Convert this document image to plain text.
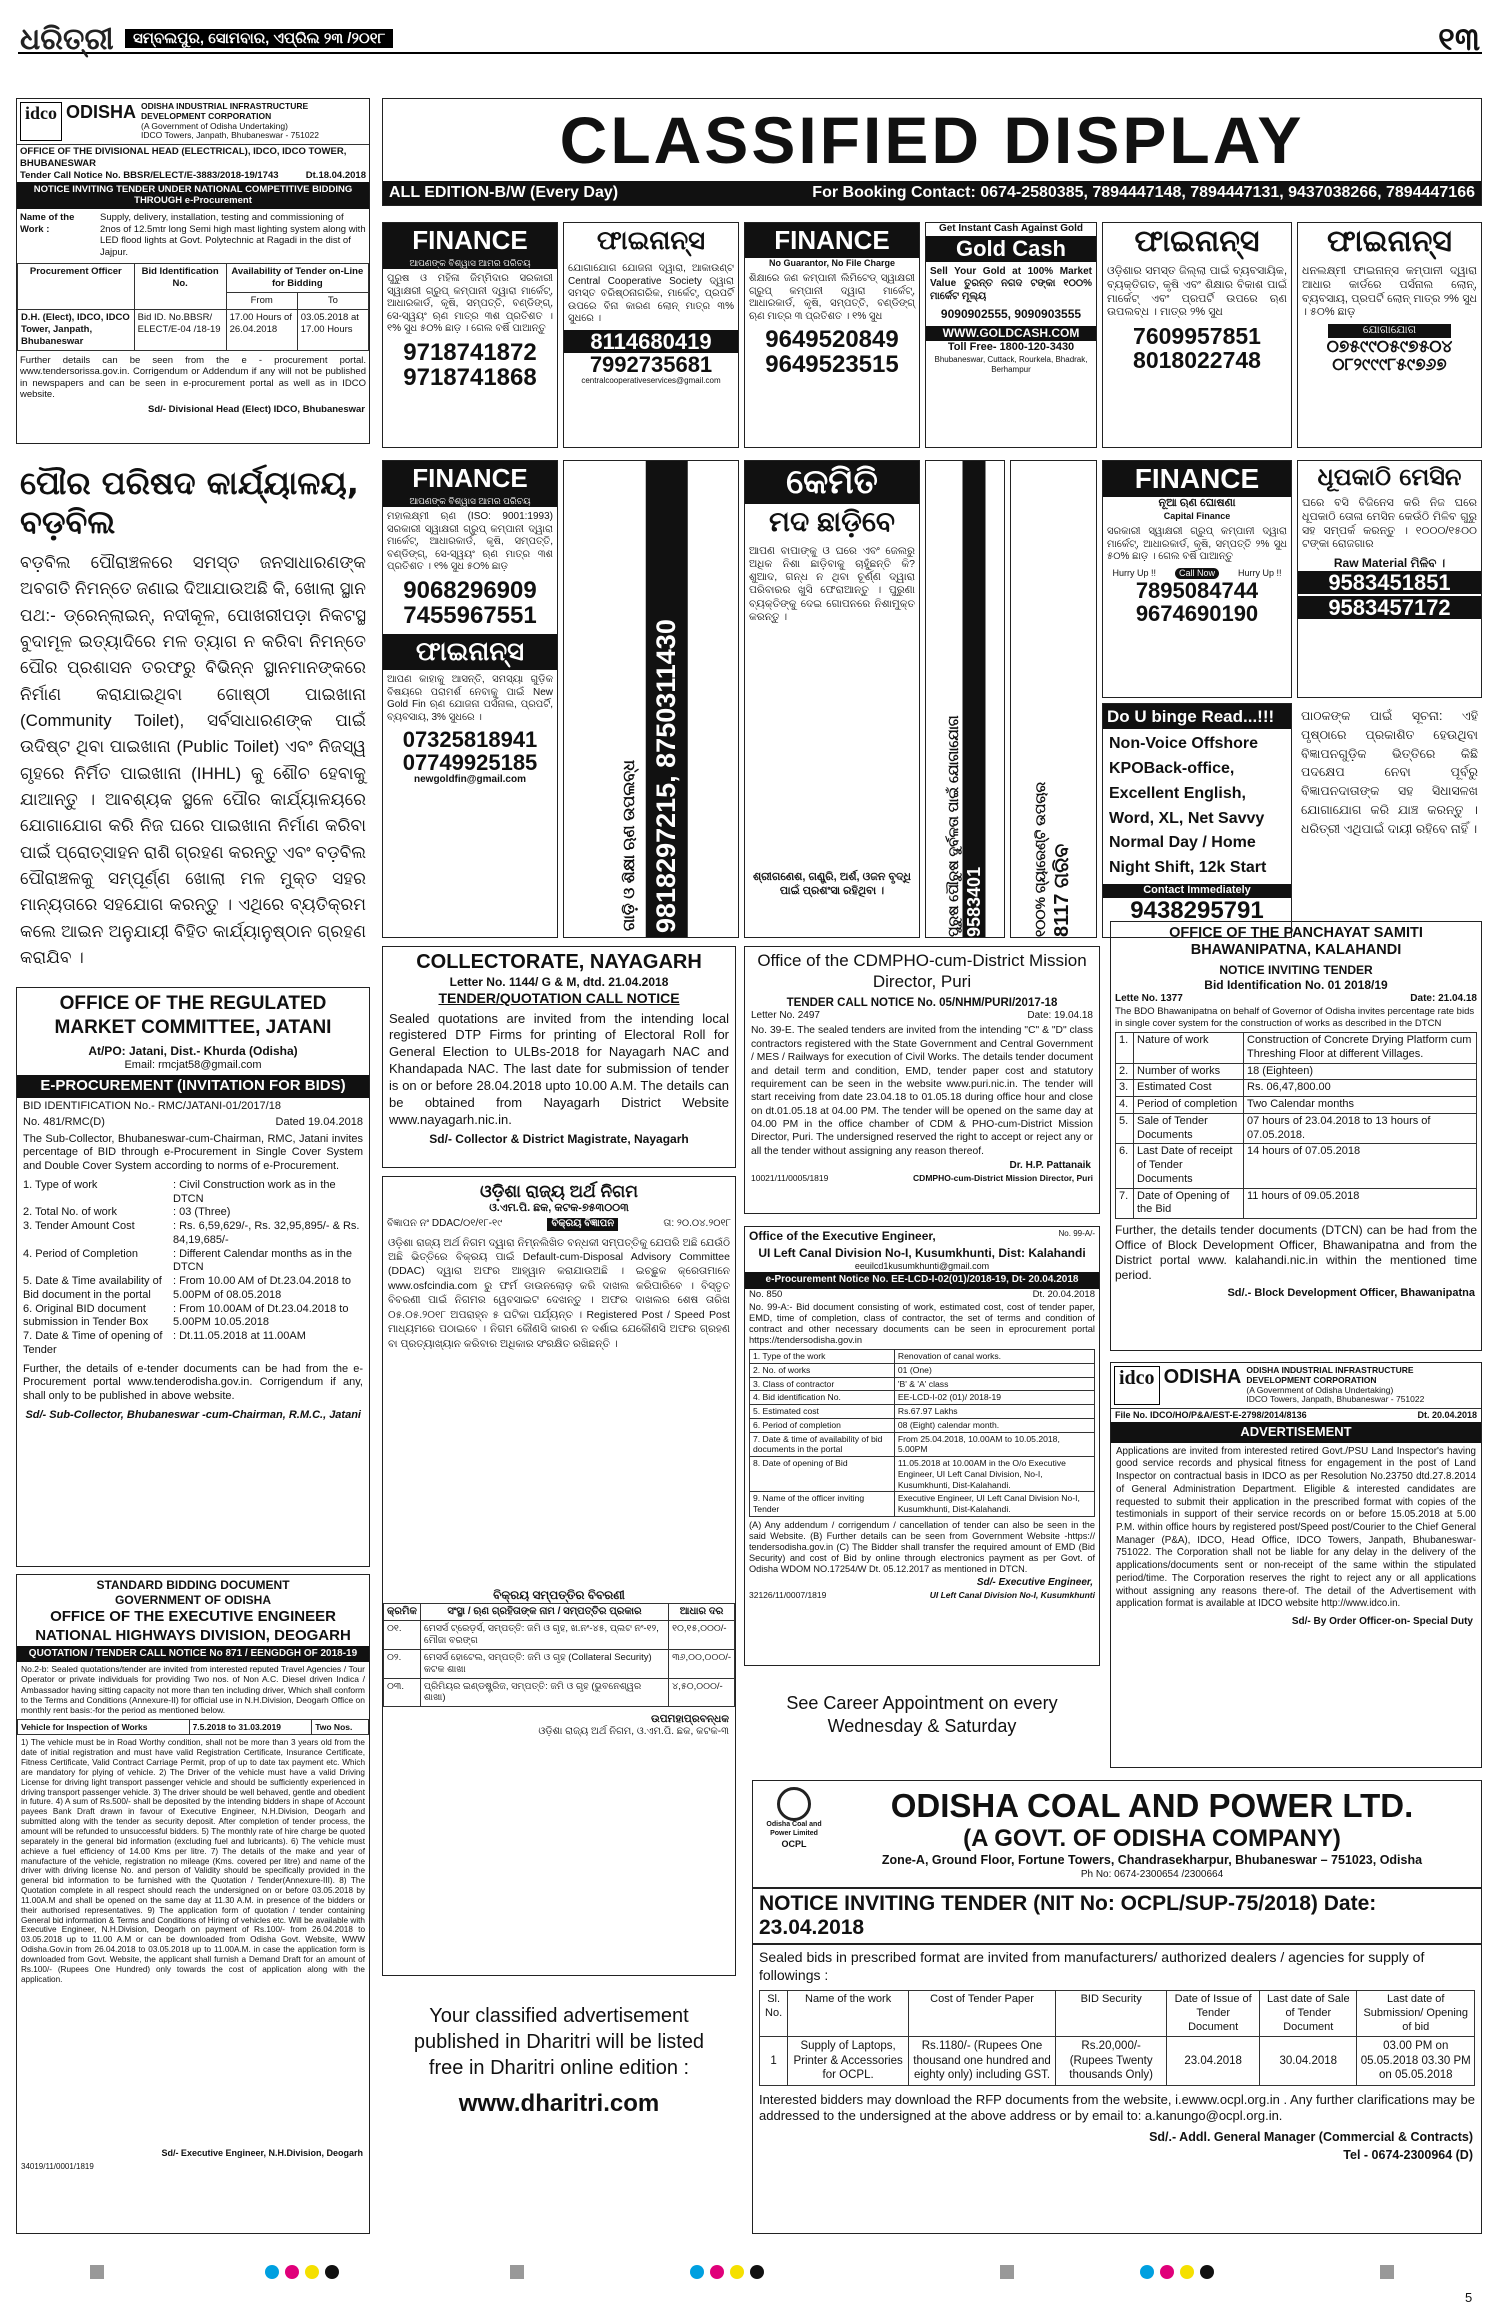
ଧରିତ୍ରୀ	ସମ୍ବଲପୁର, ସୋମବାର, ଏପ୍ରିଲ ୨୩ /୨୦୧୮	୧୩
idco ODISHA ODISHA INDUSTRIAL INFRASTRUCTURE DEVELOPMENT CORPORATION
(A Government of Odisha Undertaking)
IDCO Towers, Janpath, Bhubaneswar - 751022
OFFICE OF THE DIVISIONAL HEAD (ELECTRICAL), IDCO, IDCO TOWER, BHUBANESWAR
Tender Call Notice No. BBSR/ELECT/E-3883/2018-19/1743	Dt.18.04.2018
NOTICE INVITING TENDER UNDER NATIONAL COMPETITIVE BIDDING THROUGH e-Procurement
Name of the Work :
Supply, delivery, installation, testing and commissioning of 2nos of 12.5mtr long Semi high mast lighting system along with LED flood lights at Govt. Polytechnic at Ragadi in the dist of Jajpur.
Procurement Officer	Bid Identification No.	Availability of Tender on-Line for Bidding	
		From	To
D.H. (Elect), IDCO, IDCO Tower, Janpath, Bhubaneswar	Bid ID. No.BBSR/ ELECT/E-04 /18-19	17.00 Hours of 26.04.2018	03.05.2018 at 17.00 Hours
Further details can be seen from the e - procurement portal. www.tendersorissa.gov.in. Corrigendum or Addendum if any will not be published in newspapers and can be seen in e-procurement portal as well as in IDCO website.
Sd/- Divisional Head (Elect) IDCO, Bhubaneswar
CLASSIFIED DISPLAY
ALL EDITION-B/W (Every Day)	For Booking Contact: 0674-2580385, 7894447148, 7894447131, 9437038266, 7894447166
FINANCE
ଆପଣଙ୍କ ବିଶ୍ୱାସ ଆମର ପରିଚୟ
ପୁରୁଷ ଓ ମହିଳା ଜିମ୍ମିଦାର ସରକାରୀ ସ୍ୱାକ୍ଷରୀ ଗ୍ରୁପ୍ କମ୍ପାନୀ ଦ୍ୱାରା ମାର୍କେଟ୍, ଆଧାରକାର୍ଡ, କୃଷି, ସମ୍ପତ୍ତି, ବଣ୍ଡିଙ୍ଗ୍, ସେ-ସ୍ୱୟଂ ଋଣ ମାତ୍ର ୩ଶ ପ୍ରତିଶତ । ୧% ସୁଧ ୫୦% ଛାଡ଼ । ଗେଲ ବର୍ଷି ପାଆନ୍ତୁ
9718741872
9718741868
ଫାଇନାନ୍ସ
ଯୋଗାଯୋଗ ଯୋଜନା ଦ୍ୱାରା, ଆକାଉଣ୍ଟ Central Cooperative Society ଦ୍ୱାରା ସମସ୍ତ ବରିଷ୍ଠନାଗରିକ, ମାର୍କେଟ୍, ପ୍ରପର୍ଟି ଉପରେ ବିନା କାରଣ ଲୋନ୍ ମାତ୍ର ୩% ସୁଧରେ ।
8114680419
7992735681
centralcooperativeservices@gmail.com
FINANCE
No Guarantor, No File Charge
ଶିକ୍ଷାରେ ଜଣ କମ୍ପାନୀ ଲିମିଟେଡ୍ ସ୍ୱାକ୍ଷରୀ ଗ୍ରୁପ୍ କମ୍ପାନୀ ଦ୍ୱାରା ମାର୍କେଟ୍, ଆଧାରକାର୍ଡ, କୃଷି, ସମ୍ପତ୍ତି, ବଣ୍ଡିଙ୍ଗ୍ ଋଣ ମାତ୍ର ୩ ପ୍ରତିଶତ । ୧% ସୁଧ
9649520849
9649523515
Get Instant Cash Against Gold
Gold Cash
Sell Your Gold at 100% Market Value ତୁରନ୍ତ ନଗଦ ଟଙ୍କା ୧୦୦% ମାର୍କେଟ ମୂଲ୍ୟ
9090902555, 9090903555
WWW.GOLDCASH.COM
Toll Free- 1800-120-3430
Bhubaneswar, Cuttack, Rourkela, Bhadrak, Berhampur
ଫାଇନାନ୍ସ
ଓଡ଼ିଶାର ସମସ୍ତ ଜିଲ୍ଲା ପାଇଁ ବ୍ୟବସାୟିକ, ବ୍ୟକ୍ତିଗତ, କୃଷି ଏବଂ ଶିକ୍ଷାର ବିକାଶ ପାଇଁ ମାର୍କେଟ୍ ଏବଂ ପ୍ରପର୍ଟି ଉପରେ ଋଣ ଉପଲବ୍ଧ । ମାତ୍ର ୨% ସୁଧ
7609957851
8018022748
ଫାଇନାନ୍ସ
ଧନଲକ୍ଷ୍ମୀ ଫାଇନାନ୍ସ କମ୍ପାନୀ ଦ୍ୱାରା ଆଧାର କାର୍ଡରେ ପର୍ସନାଲ ଲୋନ୍, ବ୍ୟବସାୟ, ପ୍ରପର୍ଟି ଲୋନ୍ ମାତ୍ର ୨% ସୁଧ । ୫୦% ଛାଡ଼
ଯୋଗାଯୋଗ
୦୭୫୯୯୦୫୯୭୫୦୪
୦୮୨୯୯୯୮୫୯୭୬୭
ପୌର ପରିଷଦ କାର୍ଯ୍ୟାଳୟ, ବଡ଼ବିଲ
ବଡ଼ବିଲ ପୌରାଞ୍ଚଳରେ ସମସ୍ତ ଜନସାଧାରଣଙ୍କ ଅବଗତି ନିମନ୍ତେ ଜଣାଇ ଦିଆଯାଉଅଛି କି, ଖୋଲା ସ୍ଥାନ ପଥ:- ଡ୍ରେନ୍‌ଲାଇନ୍, ନଦୀକୂଳ, ପୋଖରୀପଡ଼ା ନିକଟସ୍ଥ ବୁଦାମୂଳ ଇତ୍ୟାଦିରେ ମଳ ତ୍ୟାଗ ନ କରିବା ନିମନ୍ତେ ପୌର ପ୍ରଶାସନ ତରଫରୁ ବିଭିନ୍ନ ସ୍ଥାନମାନଙ୍କରେ ନିର୍ମାଣ କରାଯାଇଥିବା ଗୋଷ୍ଠୀ ପାଇଖାନା (Community Toilet), ସର୍ବସାଧାରଣଙ୍କ ପାଇଁ ଉଦିଷ୍ଟ ଥିବା ପାଇଖାନା (Public Toilet) ଏବଂ ନିଜସ୍ୱ ଗୃହରେ ନିର୍ମିତ ପାଇଖାନା (IHHL) କୁ ଶୌଚ ହେବାକୁ ଯାଆନ୍ତୁ । ଆବଶ୍ୟକ ସ୍ଥଳେ ପୌର କାର୍ଯ୍ୟାଳୟରେ ଯୋଗାଯୋଗ କରି ନିଜ ଘରେ ପାଇଖାନା ନିର୍ମାଣ କରିବା ପାଇଁ ପ୍ରୋତ୍ସାହନ ରାଶି ଗ୍ରହଣ କରନ୍ତୁ ଏବଂ ବଡ଼ବିଲ ପୌରାଞ୍ଚଳକୁ ସମ୍ପୂର୍ଣ୍ଣ ଖୋଲା ମଳ ମୁକ୍ତ ସହର ମାନ୍ୟତାରେ ସହଯୋଗ କରନ୍ତୁ । ଏଥିରେ ବ୍ୟତିକ୍ରମ କଲେ ଆଇନ ଅନୁଯାୟୀ ବିହିତ କାର୍ଯ୍ୟାନୁଷ୍ଠାନ ଗ୍ରହଣ କରାଯିବ ।
FINANCE
ଆପଣଙ୍କ ବିଶ୍ୱାସ ଆମର ପରିଚୟ
ମହାଲକ୍ଷ୍ମୀ ଋଣ (ISO: 9001:1993) ସରକାରୀ ସ୍ୱାକ୍ଷରୀ ଗ୍ରୁପ୍ କମ୍ପାନୀ ଦ୍ୱାରା ମାର୍କେଟ୍, ଆଧାରକାର୍ଡ, କୃଷି, ସମ୍ପତ୍ତି, ବଣ୍ଡିଙ୍ଗ୍, ସେ-ସ୍ୱୟଂ ଋଣ ମାତ୍ର ୩ଶ ପ୍ରତିଶତ । ୧% ସୁଧ ୫୦% ଛାଡ଼
9068296909
7455967551
ଫାଇନାନ୍ସ
ଆପଣ କାହାକୁ ଆସନ୍ତି, ସମସ୍ୟା ଗୁଡ଼ିକ ବିଷୟରେ ପରାମର୍ଶ ନେବାକୁ ପାଇଁ New Gold Fin ଋଣ ଯୋଜନା ପର୍ସନାଲ, ପ୍ରପର୍ଟି, ବ୍ୟବସାୟ, 3% ସୁଧରେ ।
07325818941
07749925185
newgoldfin@gmail.com	ଗାଡ଼ି ଓ ଶିକ୍ଷା ଋଣ ଉପଲବ୍ଧ 9818297215, 8750311430
କେମିତି
ମଦ ଛାଡ଼ିବେ
ଆପଣ ବାପାଙ୍କୁ ଓ ଘରେ ଏବଂ ଜେଲରୁ ଅଧିକ ନିଶା ଛାଡ଼ିବାକୁ ଚାହୁଁଛନ୍ତି କି? ଶୁଆଦ, ଗନ୍ଧ ନ ଥିବା ଚୂର୍ଣ୍ଣ ଦ୍ୱାରା ପରିବାରର ଖୁସି ଫେରାଆନ୍ତୁ । ପୁରୁଣା ବ୍ୟକ୍ତିଙ୍କୁ ଦେଇ ଗୋପନରେ ନିଶାମୁକ୍ତ କରନ୍ତୁ ।
ଶ୍ରୀଗଣେଶ, ଗଣ୍ଡ୍ରି, ଅର୍ଶ, ଓଜନ ବୃଦ୍ଧି ପାଇଁ ପ୍ରଶଂସା ରହିଥିବା ।	ପୁରୁଷ ପୌରୁଷ ଦୁର୍ବଳତା ପାଇଁ ଯୋଗାଯୋଗ 9583401	୧୦୦% ଗ୍ୟାରେଣ୍ଟି ଉପଚାର 8117 ଗରିବ
FINANCE
ନୂଆ ଋଣ ଘୋଷଣା
Capital Finance
ସରକାରୀ ସ୍ୱାକ୍ଷରୀ ଗ୍ରୁପ୍ କମ୍ପାନୀ ଦ୍ୱାରା ମାର୍କେଟ୍, ଆଧାରକାର୍ଡ, କୃଷି, ସମ୍ପତ୍ତି ୨% ସୁଧ ୫୦% ଛାଡ଼ । ଗେଲ ବର୍ଷି ପାଆନ୍ତୁ
Hurry Up !!	Call Now	Hurry Up !!
7895084744
9674690190
ଧୂପକାଠି ମେସିନ
ଘରେ ବସି ବିଜିନେସ କରି ନିଜ ଘରେ ଧୂପକାଠି ତୋଳା ମେସିନ କେଉଁଠି ମିଳିବ ଗୁରୁ ସହ ସମ୍ପର୍କ କରନ୍ତୁ । ୧୦୦୦/୧୫୦୦ ଟଙ୍କା ରୋଜଗାର
Raw Material ମିଳିବ ।
9583451851
9583457172
Do U binge Read...!!!
Non-Voice Offshore KPOBack-office, Excellent English, Word, XL, Net Savvy Normal Day / Home Night Shift, 12k Start
Contact Immediately
9438295791
ପାଠକଙ୍କ ପାଇଁ ସୂଚନା: ଏହି ପୃଷ୍ଠାରେ ପ୍ରକାଶିତ ହେଉଥିବା ବିଜ୍ଞାପନଗୁଡ଼ିକ ଭିତ୍ତିରେ କିଛି ପଦକ୍ଷେପ ନେବା ପୂର୍ବରୁ ବିଜ୍ଞାପନଦାତାଙ୍କ ସହ ସିଧାସଳଖ ଯୋଗାଯୋଗ କରି ଯାଞ୍ଚ କରନ୍ତୁ । ଧରିତ୍ରୀ ଏଥିପାଇଁ ଦାୟୀ ରହିବେ ନାହିଁ ।
OFFICE OF THE REGULATED MARKET COMMITTEE, JATANI
At/PO: Jatani, Dist.- Khurda (Odisha)
Email: rmcjat58@gmail.com
E-PROCUREMENT (INVITATION FOR BIDS)
BID IDENTIFICATION No.- RMC/JATANI-01/2017/18
No. 481/RMC(D)	Dated 19.04.2018
The Sub-Collector, Bhubaneswar-cum-Chairman, RMC, Jatani invites percentage of BID through e-Procurement in Single Cover System and Double Cover System according to norms of e-Procurement.
1. Type of work	: Civil Construction work as in the DTCN
2. Total No. of work	: 03 (Three)
3. Tender Amount Cost	: Rs. 6,59,629/-, Rs. 32,95,895/- & Rs. 84,19,685/-
4. Period of Completion	: Different Calendar months as in the DTCN
5. Date & Time availability of Bid document in the portal
: From 10.00 AM of Dt.23.04.2018 to 5.00PM of 08.05.2018
6. Original BID document submission in Tender Box
: From 10.00AM of Dt.23.04.2018 to 5.00PM 10.05.2018
7. Date & Time of opening of Tender
: Dt.11.05.2018 at 11.00AM
Further, the details of e-tender documents can be had from the e-Procurement portal www.tenderodisha.gov.in. Corrigendum if any, shall only to be published in above website.
Sd/- Sub-Collector, Bhubaneswar -cum-Chairman, R.M.C., Jatani
STANDARD BIDDING DOCUMENT
GOVERNMENT OF ODISHA
OFFICE OF THE EXECUTIVE ENGINEER NATIONAL HIGHWAYS DIVISION, DEOGARH
QUOTATION / TENDER CALL NOTICE No 871 / EENGDGH OF 2018-19
No.2-b: Sealed quotations/tender are invited from interested reputed Travel Agencies / Tour Operator or private individuals for providing Two nos. of Non A.C. Diesel driven Indica / Ambassador having sitting capacity not more than ten including driver, Which shall conform to the Terms and Conditions (Annexure-II) for official use in N.H.Division, Deogarh Office on monthly rent basis:-for the period as mentioned below.
Vehicle for Inspection of Works	7.5.2018 to 31.03.2019	Two Nos.
1) The vehicle must be in Road Worthy condition, shall not be more than 3 years old from the date of initial registration and must have valid Registration Certificate, Insurance Certificate, Fitness Certificate, Valid Contract Carriage Permit, prop of up to date tax payment etc. Which are mandatory for plying of vehicle. 2) The Driver of the vehicle must have a valid Driving License for driving light transport passenger vehicle and should be sufficiently experienced in driving transport passenger vehicle. 3) The driver should be well behaved, gentle and obedient in future. 4) A sum of Rs.500/- shall be deposited by the intending bidders in shape of Account payees Bank Draft drawn in favour of Executive Engineer, N.H.Division, Deogarh and submitted along with the tender as security deposit. After completion of tender process, the amount will be refunded to unsuccessful bidders. 5) The monthly rate of hire charge be quoted separately in the general bid information (excluding fuel and lubricants). 6) The vehicle must achieve a fuel efficiency of 14.00 Kms per litre. 7) The details of the make and year of manufacture of the vehicle, registration no mileage (Kms. covered per litre) and name of the driver with driving license No. and person of Validity should be specifically provided in the general bid information to be furnished with the Quotation / Tender(Annexure-III). 8) The Quotation complete in all respect should reach the undersigned on or before 03.05.2018 by 11.00A.M and shall be opened on the same day at 11.30 A.M. in presence of the bidders or their authorised representatives. 9) The application form of quotation / tender containing General bid information & Terms and Conditions of Hiring of vehicles etc. Will be available with Executive Engineer, N.H.Division, Deogarh on payment of Rs.100/- from 26.04.2018 to 03.05.2018 up to 11.00 A.M or can be downloaded from Odisha Govt. Website, WWW Odisha.Gov.in from 26.04.2018 to 03.05.2018 up to 11.00A.M. in case the application form is downloaded from Govt. Website, the applicant shall furnish a Demand Draft for an amount of Rs.100/- (Rupees One Hundred) only towards the cost of application along with the application.
Sd/- Executive Engineer, N.H.Division, Deogarh
34019/11/0001/1819
COLLECTORATE, NAYAGARH
Letter No. 1144/ G & M, dtd. 21.04.2018
TENDER/QUOTATION CALL NOTICE
Sealed quotations are invited from the intending local registered DTP Firms for printing of Electoral Roll for General Election to ULBs-2018 for Nayagarh NAC and Khandapada NAC. The last date for submission of tender is on or before 28.04.2018 upto 10.00 A.M. The details can be obtained from Nayagarh District Website www.nayagarh.nic.in.
Sd/- Collector & District Magistrate, Nayagarh
Office of the CDMPHO-cum-District Mission Director, Puri
TENDER CALL NOTICE No. 05/NHM/PURI/2017-18
Letter No. 2497	Date: 19.04.18
No. 39-E. The sealed tenders are invited from the intending "C" & "D" class contractors registered with the State Government and Central Government / MES / Railways for execution of Civil Works. The details tender document and detail term and condition, EMD, tender paper cost and statutory requirement can be seen in the website www.puri.nic.in. The tender will start receiving from date 23.04.18 to 01.05.18 during office hour and close on dt.01.05.18 at 04.00 PM. The tender will be opened on the same day at 04.00 PM in the office chamber of CDM & PHO-cum-District Mission Director, Puri. The undersigned reserved the right to accept or reject any or all the tender without assigning any reason thereof.
Dr. H.P. Pattanaik
10021/11/0005/1819	CDMPHO-cum-District Mission Director, Puri
ଓଡ଼ିଶା ରାଜ୍ୟ ଅର୍ଥ ନିଗମ
ଓ.ଏମ.ପି. ଛକ, କଟକ-୭୫୩୦୦୩
ବିଜ୍ଞାପନ ନଂ DDAC/୦୧/୧୮-୧୯	ବିକ୍ରୟ ବିଜ୍ଞାପନ	ତା: ୨୦.୦୪.୨୦୧୮
ଓଡ଼ିଶା ରାଜ୍ୟ ଅର୍ଥ ନିଗମ ଦ୍ୱାରା ନିମ୍ନଲିଖିତ ବନ୍ଧକୀ ସମ୍ପତ୍ତିକୁ ଯେପରି ଅଛି ଯେଉଁଠି ଅଛି ଭିତ୍ତିରେ ବିକ୍ରୟ ପାଇଁ Default-cum-Disposal Advisory Committee (DDAC) ଦ୍ୱାରା ଅଫର ଆହ୍ୱାନ କରାଯାଉଅଛି । ଇଚ୍ଛୁକ କ୍ରେତାମାନେ www.osfcindia.com ରୁ ଫର୍ମ ଡାଉନଲୋଡ଼ କରି ଦାଖଲ କରିପାରିବେ । ବିସ୍ତୃତ ବିବରଣୀ ପାଇଁ ନିଗମର ୱେବସାଇଟ ଦେଖନ୍ତୁ । ଅଫର ଦାଖଲର ଶେଷ ତାରିଖ ୦୫.୦୫.୨୦୧୮ ଅପରାହ୍ନ ୫ ଘଟିକା ପର୍ଯ୍ୟନ୍ତ । Registered Post / Speed Post ମାଧ୍ୟମରେ ପଠାଇବେ । ନିଗମ କୌଣସି କାରଣ ନ ଦର୍ଶାଇ ଯେକୌଣସି ଅଫର ଗ୍ରହଣ ବା ପ୍ରତ୍ୟାଖ୍ୟାନ କରିବାର ଅଧିକାର ସଂରକ୍ଷିତ ରଖିଛନ୍ତି ।
ବିକ୍ରୟ ସମ୍ପତ୍ତିର ବିବରଣୀ
କ୍ରମିକ	ସଂସ୍ଥା / ଋଣ ଗ୍ରହିତାଙ୍କ ନାମ / ସମ୍ପତ୍ତିର ପ୍ରକାର	ଆଧାର ଦର
୦୧.	ମେସର୍ସ ଟ୍ରେଡ଼ର୍ସ, ସମ୍ପତ୍ତି: ଜମି ଓ ଗୃହ, ଖ.ନଂ-୪୫, ପ୍ଲଟ ନଂ-୧୨, ମୌଜା ବରଙ୍ଗ	୧୦,୧୫,୦୦୦/-
୦୨.	ମେସର୍ସ ହୋଟେଲ, ସମ୍ପତ୍ତି: ଜମି ଓ ଗୃହ (Collateral Security) କଟକ ଶାଖା	୩୬,୦୦,୦୦୦/-
୦୩.	ପ୍ରିମିୟର ଇଣ୍ଡଷ୍ଟ୍ରିଜ, ସମ୍ପତ୍ତି: ଜମି ଓ ଗୃହ (ଭୁବନେଶ୍ୱର ଶାଖା)	୪,୫୦,୦୦୦/-
ଉପମହାପ୍ରବନ୍ଧକ
ଓଡ଼ିଶା ରାଜ୍ୟ ଅର୍ଥ ନିଗମ, ଓ.ଏମ.ପି. ଛକ, କଟକ-୩
Your classified advertisement published in Dharitri will be listed free in Dharitri online edition :
www.dharitri.com
Office of the Executive Engineer,	No. 99-A/-
UI Left Canal Division No-I, Kusumkhunti, Dist: Kalahandi
eeuilcd1kusumkhunti@gmail.com
e-Procurement Notice No. EE-LCD-I-02(01)/2018-19, Dt- 20.04.2018
No. 850	Dt. 20.04.2018
No. 99-A:- Bid document consisting of work, estimated cost, cost of tender paper, EMD, time of completion, class of contractor, the set of terms and condition of contract and other necessary documents can be seen in eprocurement portal https://tendersodisha.gov.in
1. Type of the work	Renovation of canal works.
2. No. of works	01 (One)
3. Class of contractor	'B' & 'A' class
4. Bid identification No.	EE-LCD-I-02 (01)/ 2018-19
5. Estimated cost	Rs.67.97 Lakhs
6. Period of completion	08 (Eight) calendar month.
7. Date & time of availability of bid documents in the portal	From 25.04.2018, 10.00AM to 10.05.2018, 5.00PM
8. Date of opening of Bid	11.05.2018 at 10.00AM in the O/o Executive Engineer, UI Left Canal Division, No-I, Kusumkhunti, Dist-Kalahandi.
9. Name of the officer inviting Tender	Executive Engineer, UI Left Canal Division No-I, Kusumkhunti, Dist-Kalahandi.
(A) Any addendum / corrigendum / cancellation of tender can also be seen in the said Website. (B) Further details can be seen from Government Website -https:// tendersodisha.gov.in (C) The Bidder shall transfer the required amount of EMD (Bid Security) and cost of Bid by online through electronics payment as per Govt. of Odisha WDOM NO.17254/W Dt. 05.12.2017 as mentioned in DTCN.
Sd/- Executive Engineer,
32126/11/0007/1819	UI Left Canal Division No-I, Kusumkhunti
See Career Appointment on every Wednesday & Saturday
OFFICE OF THE PANCHAYAT SAMITI BHAWANIPATNA, KALAHANDI
NOTICE INVITING TENDER
Bid Identification No. 01 2018/19
Lette No. 1377	Date: 21.04.18
The BDO Bhawanipatna on behalf of Governor of Odisha invites percentage rate bids in single cover system for the construction of works as described in the DTCN
1.	Nature of work	Construction of Concrete Drying Platform cum Threshing Floor at different Villages.
2.	Number of works	18 (Eighteen)
3.	Estimated Cost	Rs. 06,47,800.00
4.	Period of completion	Two Calendar months
5.	Sale of Tender Documents	07 hours of 23.04.2018 to 13 hours of 07.05.2018.
6.	Last Date of receipt of Tender Documents	14 hours of 07.05.2018
7.	Date of Opening of the Bid	11 hours of 09.05.2018
Further, the details tender documents (DTCN) can be had from the Office of Block Development Officer, Bhawanipatna and from the District portal www. kalahandi.nic.in within the mentioned time period.
Sd/.- Block Development Officer, Bhawanipatna
idco ODISHA ODISHA INDUSTRIAL INFRASTRUCTURE DEVELOPMENT CORPORATION
(A Government of Odisha Undertaking)
IDCO Towers, Janpath, Bhubaneswar - 751022
File No. IDCO/HO/P&A/EST-E-2798/2014/8136	Dt. 20.04.2018
ADVERTISEMENT
Applications are invited from interested retired Govt./PSU Land Inspector's having good service records and physical fitness for engagement in the post of Land Inspector on contractual basis in IDCO as per Resolution No.23750 dtd.27.8.2014 of General Administration Department. Eligible & interested candidates are requested to submit their application in the prescribed format with copies of the testimonials in support of their service records on or before 15.05.2018 at 5.00 P.M. within office hours by registered post/Speed post/Courier to the Chief General Manager (P&A), IDCO, Head Office, IDCO Towers, Janpath, Bhubaneswar-751022. The Corporation shall not be liable for any delay in the delivery of the applications/documents sent or non-receipt of the same within the stipulated period/time. The Corporation reserves the right to reject any or all applications without assigning any reasons there-of. The detail of the Advertisement with application format is available at IDCO website http://www.idco.in.
Sd/- By Order Officer-on- Special Duty
Odisha Coal and Power Limited
OCPL
ODISHA COAL AND POWER LTD.
(A GOVT. OF ODISHA COMPANY)
Zone-A, Ground Floor, Fortune Towers, Chandrasekharpur, Bhubaneswar – 751023, Odisha
Ph No: 0674-2300654 /2300664
NOTICE INVITING TENDER (NIT No: OCPL/SUP-75/2018) Date: 23.04.2018
Sealed bids in prescribed format are invited from manufacturers/ authorized dealers / agencies for supply of followings :
Sl. No.	Name of the work	Cost of Tender Paper	BID Security	Date of Issue of Tender Document	Last date of Sale of Tender Document	Last date of Submission/ Opening of bid
1	Supply of Laptops, Printer & Accessories for OCPL.	Rs.1180/- (Rupees One thousand one hundred and eighty only) including GST.	Rs.20,000/- (Rupees Twenty thousands Only)	23.04.2018	30.04.2018	03.00 PM on 05.05.2018 03.30 PM on 05.05.2018
Interested bidders may download the RFP documents from the website, i.ewww.ocpl.org.in . Any further clarifications may be addressed to the undersigned at the above address or by email to: a.kanungo@ocpl.org.in.
Sd/.- Addl. General Manager (Commercial & Contracts)
Tel - 0674-2300964 (D)
5
